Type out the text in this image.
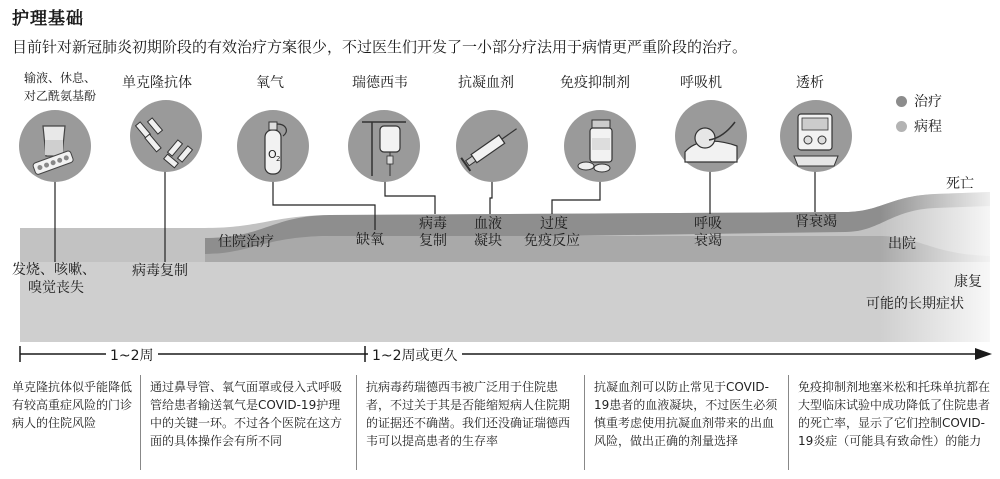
护理基础
目前针对新冠肺炎初期阶段的有效治疗方案很少，不过医生们开发了一小部分疗法用于病情更严重阶段的治疗。
输液、休息、
对乙酰氨基酚
单克隆抗体	氧气	瑞德西韦	抗凝血剂	免疫抑制剂	呼吸机	透析
O 2
治疗
病程
发烧、咳嗽、
嗅觉丧失
病毒复制
住院治疗	缺氧
病毒
复制
血液
凝块
过度
免疫反应
呼吸
衰竭
肾衰竭
死亡
出院
康复
可能的长期症状
1~2周	1~2周或更久
单克隆抗体似乎能降低有较高重症风险的门诊病人的住院风险
通过鼻导管、氧气面罩或侵入式呼吸管给患者输送氧气是COVID-19护理中的关键一环。不过各个医院在这方面的具体操作会有所不同
抗病毒药瑞德西韦被广泛用于住院患者，不过关于其是否能缩短病人住院期的证据还不确凿。我们还没确证瑞德西韦可以提高患者的生存率
抗凝血剂可以防止常见于COVID-19患者的血液凝块，不过医生必须慎重考虑使用抗凝血剂带来的出血风险，做出正确的剂量选择
免疫抑制剂地塞米松和托珠单抗都在大型临床试验中成功降低了住院患者的死亡率，显示了它们控制COVID-19炎症（可能具有致命性）的能力
